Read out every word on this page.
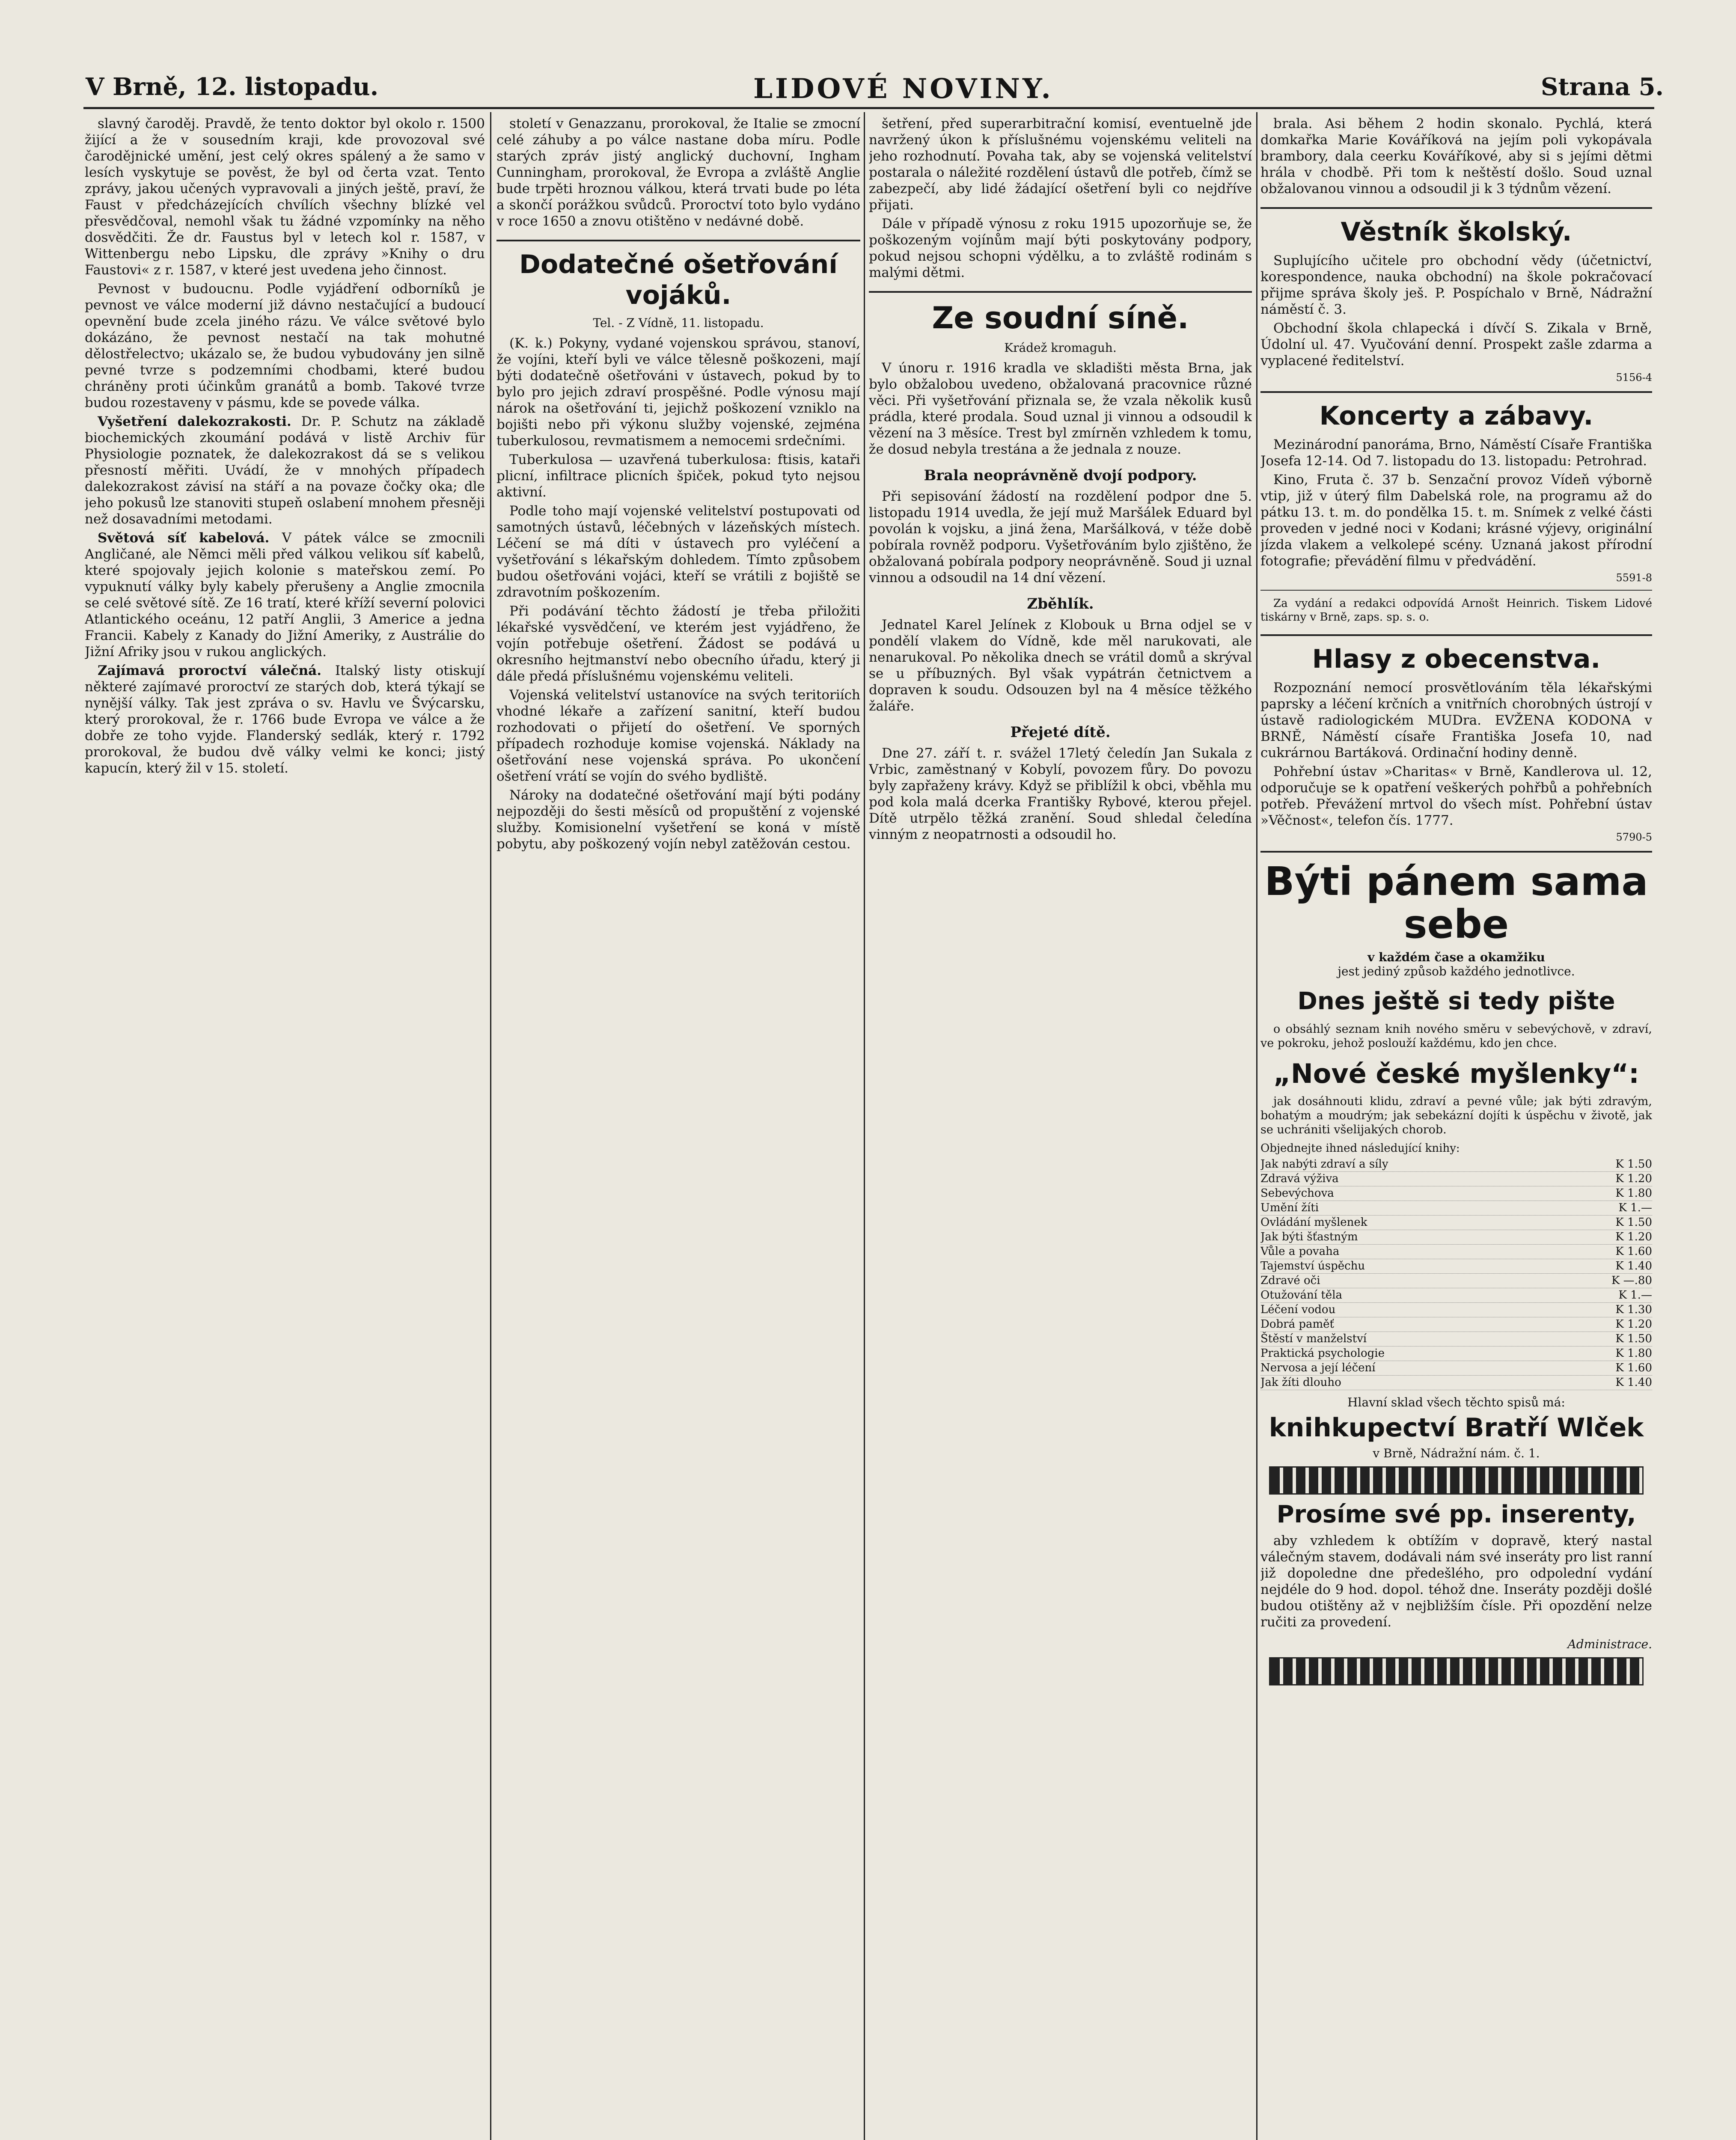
V Brně, 12. listopadu.	LIDOVÉ NOVINY.	Strana 5.

slavný čaroděj. Pravdě, že tento doktor byl okolo r. 1500 žijící a že v sousedním kraji, kde provozoval své čarodějnické umění, jest celý okres spálený a že samo v lesích vyskytuje se pověst, že byl od čerta vzat. Tento zprávy, jakou učených vypravovali a jiných ještě, praví, že Faust v předcházejících chvílích všechny blízké vel přesvědčoval, nemohl však tu žádné vzpomínky na něho dosvědčiti. Že dr. Faustus byl v letech kol r. 1587, v Wittenbergu nebo Lipsku, dle zprávy »Knihy o dru Faustovi« z r. 1587, v které jest uvedena jeho činnost.

Pevnost v budoucnu. Podle vyjádření odborníků je pevnost ve válce moderní již dávno nestačující a budoucí opevnění bude zcela jiného rázu. Ve válce světové bylo dokázáno, že pevnost nestačí na tak mohutné dělostřelectvo; ukázalo se, že budou vybudovány jen silně pevné tvrze s podzemními chodbami, které budou chráněny proti účinkům granátů a bomb. Takové tvrze budou rozestaveny v pásmu, kde se povede válka.

Vyšetření dalekozrakosti. Dr. P. Schutz na základě biochemických zkoumání podává v listě Archiv für Physiologie poznatek, že dalekozrakost dá se s velikou přesností měřiti. Uvádí, že v mnohých případech dalekozrakost závisí na stáří a na povaze čočky oka; dle jeho pokusů lze stanoviti stupeň oslabení mnohem přesněji než dosavadními metodami.

Světová síť kabelová. V pátek válce se zmocnili Angličané, ale Němci měli před válkou velikou síť kabelů, které spojovaly jejich kolonie s mateřskou zemí. Po vypuknutí války byly kabely přerušeny a Anglie zmocnila se celé světové sítě. Ze 16 tratí, které kříží severní polovici Atlantického oceánu, 12 patří Anglii, 3 Americe a jedna Francii. Kabely z Kanady do Jižní Ameriky, z Austrálie do Jižní Afriky jsou v rukou anglických.

Zajímavá proroctví válečná. Italský listy otiskují některé zajímavé proroctví ze starých dob, která týkají se nynější války. Tak jest zpráva o sv. Havlu ve Švýcarsku, který prorokoval, že r. 1766 bude Evropa ve válce a že dobře ze toho vyjde. Flanderský sedlák, který r. 1792 prorokoval, že budou dvě války velmi ke konci; jistý kapucín, který žil v 15. století.

století v Genazzanu, prorokoval, že Italie se zmocní celé záhuby a po válce nastane doba míru. Podle starých zpráv jistý anglický duchovní, Ingham Cunningham, prorokoval, že Evropa a zvláště Anglie bude trpěti hroznou válkou, která trvati bude po léta a skončí porážkou svůdců. Proroctví toto bylo vydáno v roce 1650 a znovu otištěno v nedávné době.

Dodatečné ošetřování vojáků.
Tel. - Z Vídně, 11. listopadu.

(K. k.) Pokyny, vydané vojenskou správou, stanoví, že vojíni, kteří byli ve válce tělesně poškozeni, mají býti dodatečně ošetřováni v ústavech, pokud by to bylo pro jejich zdraví prospěšné. Podle výnosu mají nárok na ošetřování ti, jejichž poškození vzniklo na bojišti nebo při výkonu služby vojenské, zejména tuberkulosou, revmatismem a nemocemi srdečními.

Tuberkulosa — uzavřená tuberkulosa: ftisis, kataři plicní, infiltrace plicních špiček, pokud tyto nejsou aktivní.

Podle toho mají vojenské velitelství postupovati od samotných ústavů, léčebných v lázeňských místech. Léčení se má díti v ústavech pro vyléčení a vyšetřování s lékařským dohledem. Tímto způsobem budou ošetřováni vojáci, kteří se vrátili z bojiště se zdravotním poškozením.

Při podávání těchto žádostí je třeba přiložiti lékařské vysvědčení, ve kterém jest vyjádřeno, že vojín potřebuje ošetření. Žádost se podává u okresního hejtmanství nebo obecního úřadu, který ji dále předá příslušnému vojenskému veliteli.

Vojenská velitelství ustanovíce na svých teritoriích vhodné lékaře a zařízení sanitní, kteří budou rozhodovati o přijetí do ošetření. Ve sporných případech rozhoduje komise vojenská. Náklady na ošetřování nese vojenská správa. Po ukončení ošetření vrátí se vojín do svého bydliště.

Nároky na dodatečné ošetřování mají býti podány nejpozději do šesti měsíců od propuštění z vojenské služby. Komisionelní vyšetření se koná v místě pobytu, aby poškozený vojín nebyl zatěžován cestou.

šetření, před superarbitrační komisí, eventuelně jde navržený úkon k příslušnému vojenskému veliteli na jeho rozhodnutí. Povaha tak, aby se vojenská velitelství postarala o náležité rozdělení ústavů dle potřeb, čímž se zabezpečí, aby lidé žádající ošetření byli co nejdříve přijati.

Dále v případě výnosu z roku 1915 upozorňuje se, že poškozeným vojínům mají býti poskytovány podpory, pokud nejsou schopni výdělku, a to zvláště rodinám s malými dětmi.

Ze soudní síně.
Krádež kromaguh.

V únoru r. 1916 kradla ve skladišti města Brna, jak bylo obžalobou uvedeno, obžalovaná pracovnice různé věci. Při vyšetřování přiznala se, že vzala několik kusů prádla, které prodala. Soud uznal ji vinnou a odsoudil k vězení na 3 měsíce. Trest byl zmírněn vzhledem k tomu, že dosud nebyla trestána a že jednala z nouze.

Brala neoprávněně dvojí podpory.

Při sepisování žádostí na rozdělení podpor dne 5. listopadu 1914 uvedla, že její muž Maršálek Eduard byl povolán k vojsku, a jiná žena, Maršálková, v téže době pobírala rovněž podporu. Vyšetřováním bylo zjištěno, že obžalovaná pobírala podpory neoprávněně. Soud ji uznal vinnou a odsoudil na 14 dní vězení.

Zběhlík.

Jednatel Karel Jelínek z Klobouk u Brna odjel se v pondělí vlakem do Vídně, kde měl narukovati, ale nenarukoval. Po několika dnech se vrátil domů a skrýval se u příbuzných. Byl však vypátrán četnictvem a dopraven k soudu. Odsouzen byl na 4 měsíce těžkého žaláře.

Přejeté dítě.

Dne 27. září t. r. svážel 17letý čeledín Jan Sukala z Vrbic, zaměstnaný v Kobylí, povozem fůry. Do povozu byly zapřaženy krávy. Když se přiblížil k obci, vběhla mu pod kola malá dcerka Františky Rybové, kterou přejel. Dítě utrpělo těžká zranění. Soud shledal čeledína vinným z neopatrnosti a odsoudil ho.

brala. Asi během 2 hodin skonalo. Pychlá, která domkařka Marie Kováříková na jejím poli vykopávala brambory, dala ceerku Kováříkové, aby si s jejími dětmi hrála v chodbě. Při tom k neštěstí došlo. Soud uznal obžalovanou vinnou a odsoudil ji k 3 týdnům vězení.

Věstník školský.

Suplujícího učitele pro obchodní vědy (účetnictví, korespondence, nauka obchodní) na škole pokračovací přijme správa školy ješ. P. Pospíchalo v Brně, Nádražní náměstí č. 3.

Obchodní škola chlapecká i dívčí S. Zikala v Brně, Údolní ul. 47. Vyučování denní. Prospekt zašle zdarma a vyplacené ředitelství.

5156-4
Koncerty a zábavy.

Mezinárodní panoráma, Brno, Náměstí Císaře Františka Josefa 12-14. Od 7. listopadu do 13. listopadu: Petrohrad.

Kino, Fruta č. 37 b. Senzační provoz Vídeň výborně vtip, již v úterý film Dabelská role, na programu až do pátku 13. t. m. do pondělka 15. t. m. Snímek z velké části proveden v jedné noci v Kodani; krásné výjevy, originální jízda vlakem a velkolepé scény. Uznaná jakost přírodní fotografie; převádění filmu v předvádění.

5591-8

Za vydání a redakci odpovídá Arnošt Heinrich. Tiskem Lidové tiskárny v Brně, zaps. sp. s. o.

Hlasy z obecenstva.

Rozpoznání nemocí prosvětlováním těla lékařskými paprsky a léčení krčních a vnitřních chorobných ústrojí v ústavě radiologickém MUDra. EVŽENA KODONA v BRNĚ, Náměstí císaře Františka Josefa 10, nad cukrárnou Bartáková. Ordinační hodiny denně.

Pohřební ústav »Charitas« v Brně, Kandlerova ul. 12, odporučuje se k opatření veškerých pohřbů a pohřebních potřeb. Převážení mrtvol do všech míst. Pohřební ústav »Věčnost«, telefon čís. 1777.

5790-5
Býti pánem sama sebe
v každém čase a okamžiku
jest jediný způsob každého jednotlivce.
Dnes ještě si tedy pište

o obsáhlý seznam knih nového směru v sebevýchově, v zdraví, ve pokroku, jehož poslouží každému, kdo jen chce.

„Nové české myšlenky“:

jak dosáhnouti klidu, zdraví a pevné vůle; jak býti zdravým, bohatým a moudrým; jak sebekázní dojíti k úspěchu v životě, jak se uchrániti všelijakých chorob.

Objednejte ihned následující knihy:
Jak nabýti zdraví a síly	K 1.50
Zdravá výživa	K 1.20
Sebevýchova	K 1.80
Umění žíti	K 1.—
Ovládání myšlenek	K 1.50
Jak býti šťastným	K 1.20
Vůle a povaha	K 1.60
Tajemství úspěchu	K 1.40
Zdravé oči	K —.80
Otužování těla	K 1.—
Léčení vodou	K 1.30
Dobrá paměť	K 1.20
Štěstí v manželství	K 1.50
Praktická psychologie	K 1.80
Nervosa a její léčení	K 1.60
Jak žíti dlouho	K 1.40
Hlavní sklad všech těchto spisů má:
knihkupectví Bratří Wlček
v Brně, Nádražní nám. č. 1.
Prosíme své pp. inserenty,

aby vzhledem k obtížím v dopravě, který nastal válečným stavem, dodávali nám své inseráty pro list ranní již dopoledne dne předešlého, pro odpolední vydání nejdéle do 9 hod. dopol. téhož dne. Inseráty později došlé budou otištěny až v nejbližším čísle. Při opozdění nelze ručiti za provedení.

Administrace.
